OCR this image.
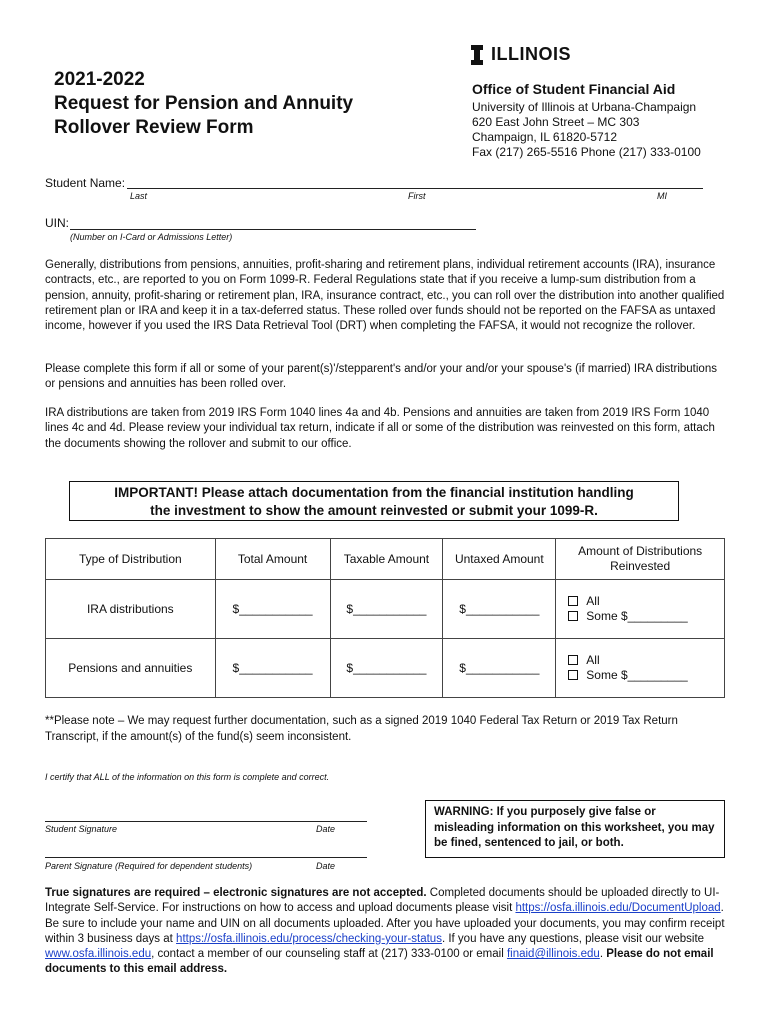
ILLINOIS
2021-2022
Request for Pension and Annuity
Rollover Review Form
Office of Student Financial Aid
University of Illinois at Urbana-Champaign
620 East John Street – MC 303
Champaign, IL 61820-5712
Fax (217) 265-5516 Phone (217) 333-0100
Student Name:
Last	First	MI
UIN:
(Number on I-Card or Admissions Letter)

Generally, distributions from pensions, annuities, profit-sharing and retirement plans, individual retirement accounts (IRA), insurance contracts, etc., are reported to you on Form 1099-R. Federal Regulations state that if you receive a lump-sum distribution from a pension, annuity, profit-sharing or retirement plan, IRA, insurance contract, etc., you can roll over the distribution into another qualified retirement plan or IRA and keep it in a tax-deferred status. These rolled over funds should not be reported on the FAFSA as untaxed income, however if you used the IRS Data Retrieval Tool (DRT) when completing the FAFSA, it would not recognize the rollover.

Please complete this form if all or some of your parent(s)'/stepparent's and/or your and/or your spouse's (if married) IRA distributions or pensions and annuities has been rolled over.

IRA distributions are taken from 2019 IRS Form 1040 lines 4a and 4b. Pensions and annuities are taken from 2019 IRS Form 1040 lines 4c and 4d. Please review your individual tax return, indicate if all or some of the distribution was reinvested on this form, attach the documents showing the rollover and submit to our office.

IMPORTANT! Please attach documentation from the financial institution handling
the investment to show the amount reinvested or submit your 1099-R.
Type of Distribution	Total Amount	Taxable Amount	Untaxed Amount	Amount of Distributions Reinvested
IRA distributions	$___________	$___________	$___________	All
Some $_________

Pensions and annuities	$___________	$___________	$___________	All
Some $_________
**Please note – We may request further documentation, such as a signed 2019 1040 Federal Tax Return or 2019 Tax Return Transcript, if the amount(s) of the fund(s) seem inconsistent.
I certify that ALL of the information on this form is complete and correct.
Student Signature	Date
Parent Signature (Required for dependent students)	Date
WARNING: If you purposely give false or misleading information on this worksheet, you may be fined, sentenced to jail, or both.
True signatures are required – electronic signatures are not accepted. Completed documents should be uploaded directly to UI-Integrate Self-Service. For instructions on how to access and upload documents please visit https://osfa.illinois.edu/DocumentUpload. Be sure to include your name and UIN on all documents uploaded. After you have uploaded your documents, you may confirm receipt within 3 business days at https://osfa.illinois.edu/process/checking-your-status. If you have any questions, please visit our website www.osfa.illinois.edu, contact a member of our counseling staff at (217) 333-0100 or email finaid@illinois.edu. Please do not email documents to this email address.
